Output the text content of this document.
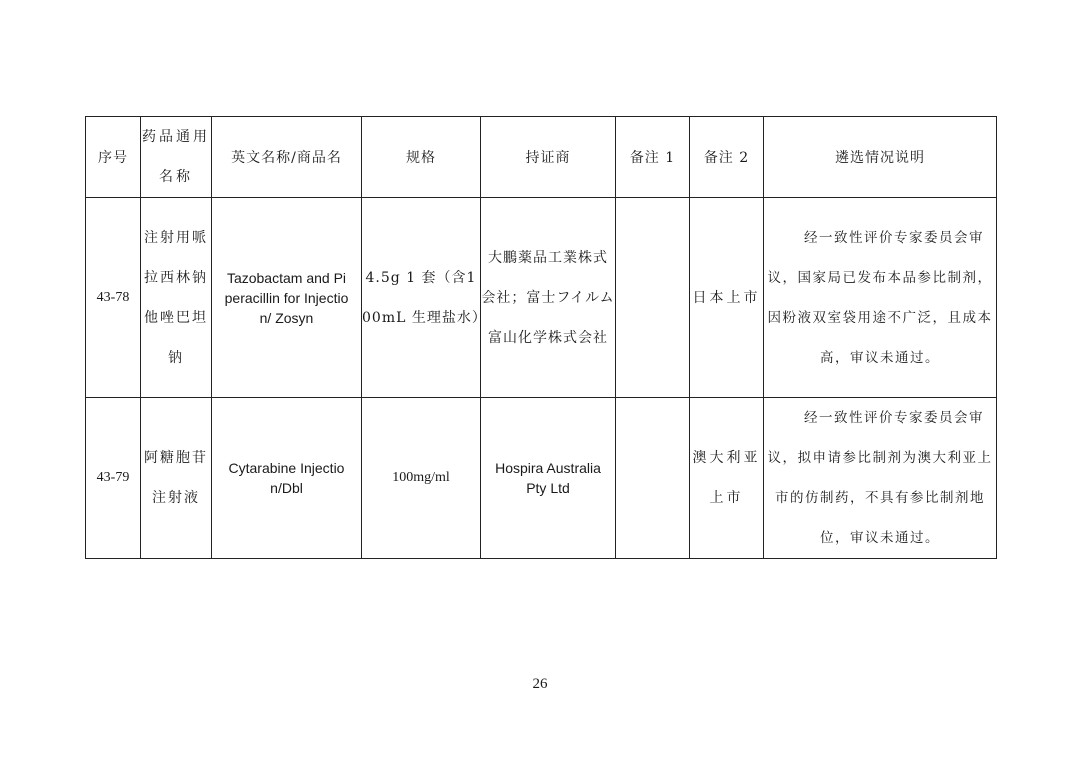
序号	药品通用名称	英文名称/商品名	规格	持证商	备注 1	备注 2	遴选情况说明
43-78	注射用哌拉西林钠他唑巴坦钠	Tazobactam and Piperacillin for Injection/ Zosyn	4.5g 1 套（含100mL 生理盐水）	大鵬薬品工業株式会社；富士フイルム富山化学株式会社		日本上市	经一致性评价专家委员会审议，国家局已发布本品参比制剂，因粉液双室袋用途不广泛，且成本高，审议未通过。
43-79	阿糖胞苷注射液	Cytarabine Injection/Dbl	100mg/ml	Hospira Australia Pty Ltd		澳大利亚上市	经一致性评价专家委员会审议，拟申请参比制剂为澳大利亚上市的仿制药，不具有参比制剂地位，审议未通过。
26
